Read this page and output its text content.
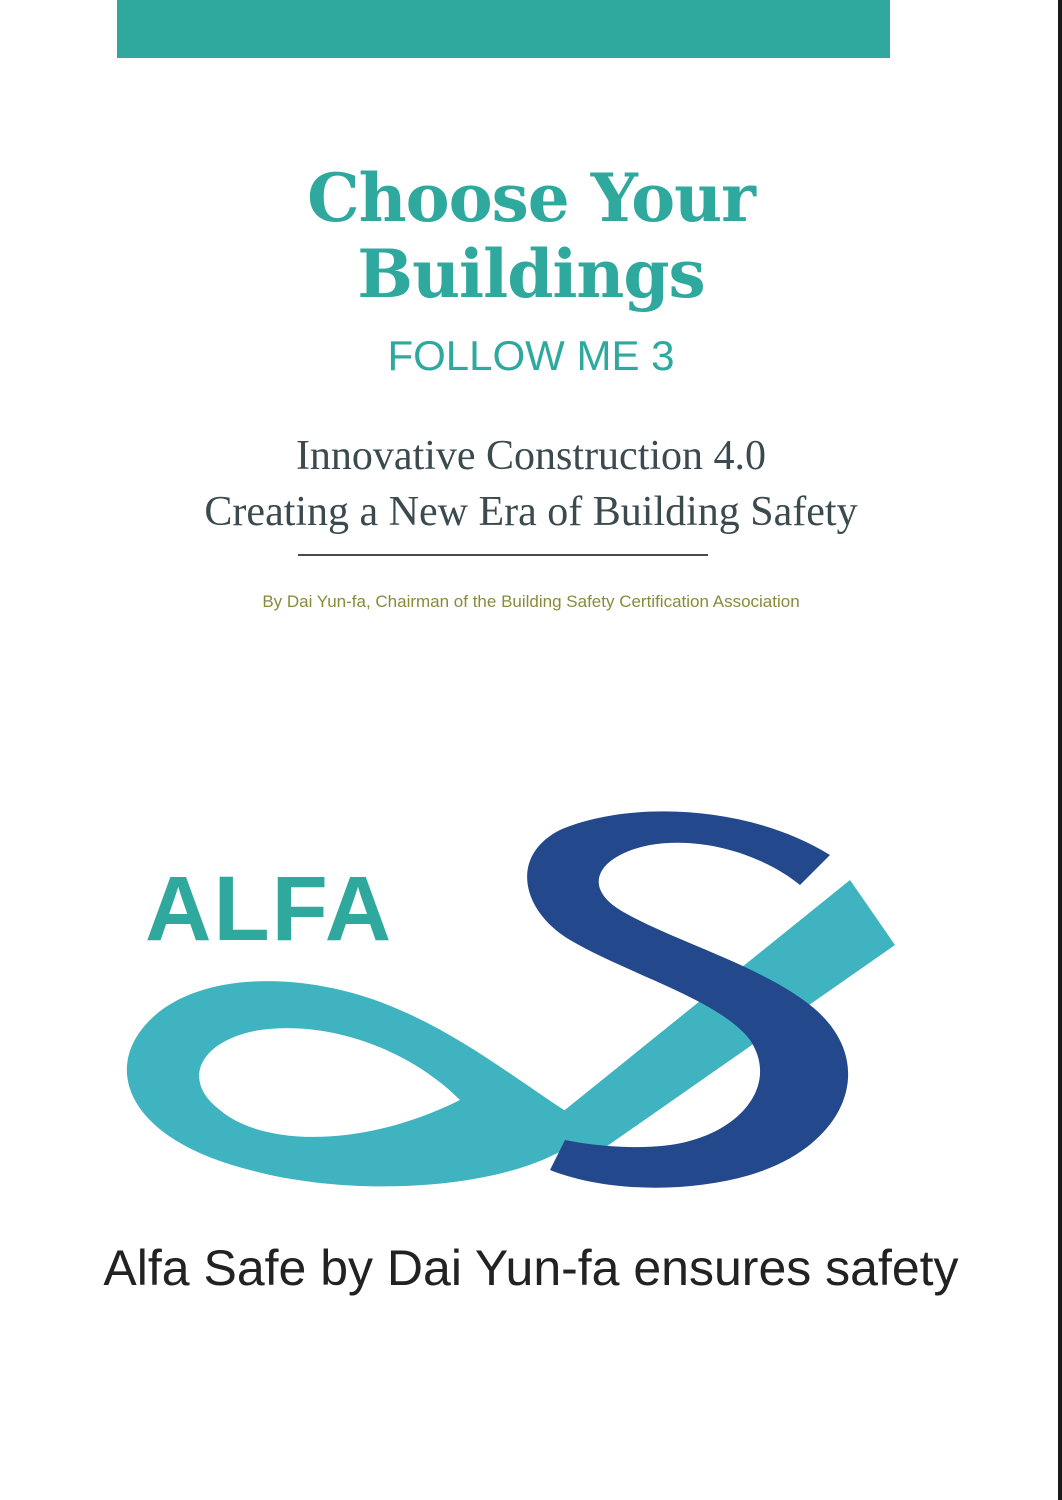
Choose Your
Buildings
FOLLOW ME 3
Innovative Construction 4.0
Creating a New Era of Building Safety
By Dai Yun-fa, Chairman of the Building Safety Certification Association
ALFA
Alfa Safe by Dai Yun-fa ensures safety
